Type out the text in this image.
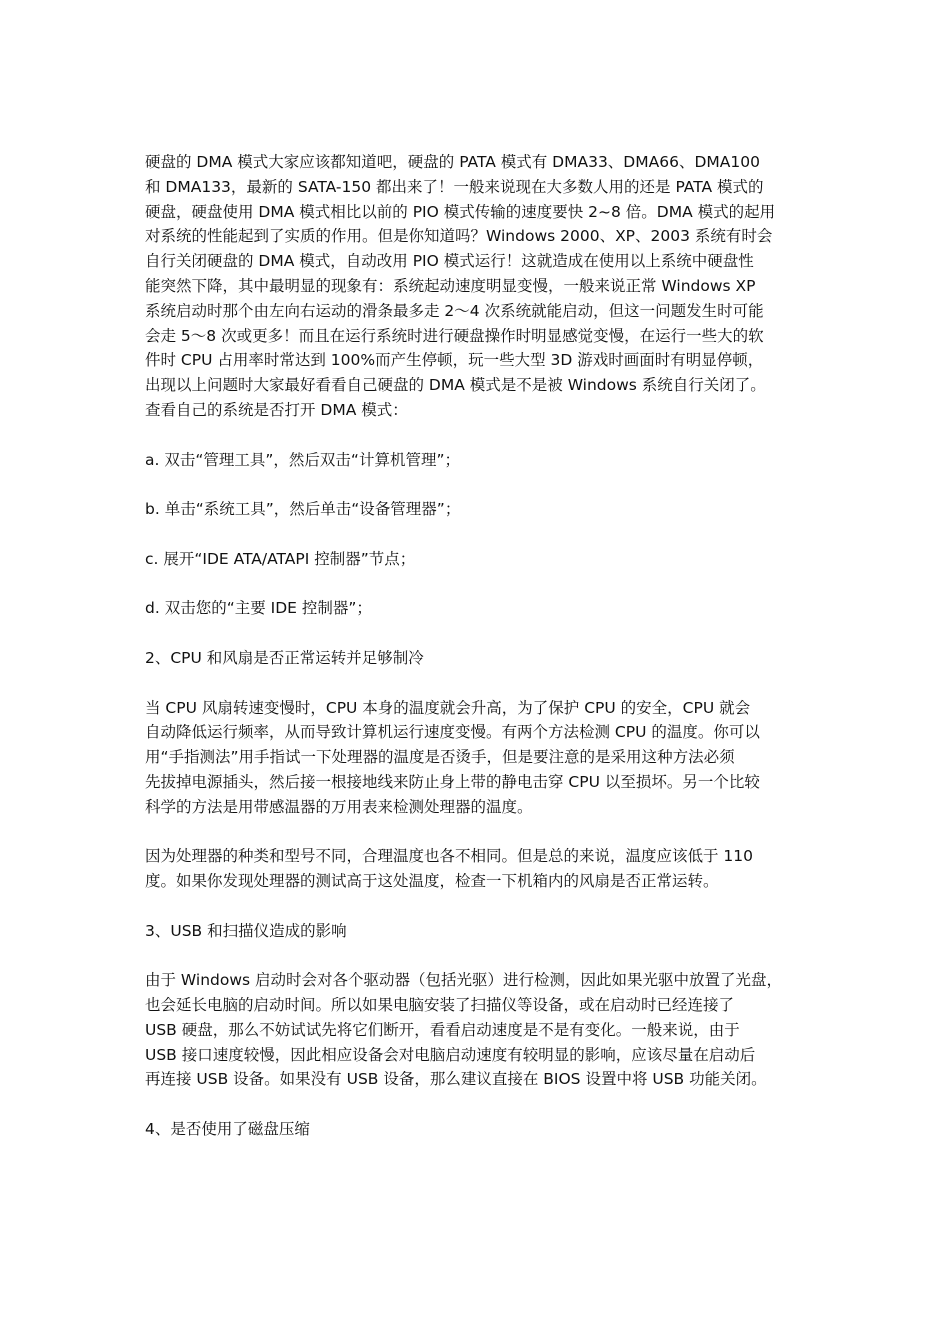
硬盘的 DMA 模式大家应该都知道吧，硬盘的 PATA 模式有 DMA33、DMA66、DMA100
和 DMA133，最新的 SATA-150 都出来了！一般来说现在大多数人用的还是 PATA 模式的
硬盘，硬盘使用 DMA 模式相比以前的 PIO 模式传输的速度要快 2~8 倍。DMA 模式的起用
对系统的性能起到了实质的作用。但是你知道吗？Windows 2000、XP、2003 系统有时会
自行关闭硬盘的 DMA 模式，自动改用 PIO 模式运行！这就造成在使用以上系统中硬盘性
能突然下降，其中最明显的现象有：系统起动速度明显变慢，一般来说正常 Windows XP
系统启动时那个由左向右运动的滑条最多走 2～4 次系统就能启动，但这一问题发生时可能
会走 5～8 次或更多！而且在运行系统时进行硬盘操作时明显感觉变慢，在运行一些大的软
件时 CPU 占用率时常达到 100%而产生停顿，玩一些大型 3D 游戏时画面时有明显停顿，
出现以上问题时大家最好看看自己硬盘的 DMA 模式是不是被 Windows 系统自行关闭了。
查看自己的系统是否打开 DMA 模式：
a. 双击“管理工具”，然后双击“计算机管理”；
b. 单击“系统工具”，然后单击“设备管理器”；
c. 展开“IDE ATA/ATAPI 控制器”节点；
d. 双击您的“主要 IDE 控制器”；
2、CPU 和风扇是否正常运转并足够制冷
当 CPU 风扇转速变慢时，CPU 本身的温度就会升高，为了保护 CPU 的安全，CPU 就会
自动降低运行频率，从而导致计算机运行速度变慢。有两个方法检测 CPU 的温度。你可以
用“手指测法”用手指试一下处理器的温度是否烫手，但是要注意的是采用这种方法必须
先拔掉电源插头，然后接一根接地线来防止身上带的静电击穿 CPU 以至损坏。另一个比较
科学的方法是用带感温器的万用表来检测处理器的温度。
因为处理器的种类和型号不同，合理温度也各不相同。但是总的来说，温度应该低于 110
度。如果你发现处理器的测试高于这处温度，检查一下机箱内的风扇是否正常运转。
3、USB 和扫描仪造成的影响
由于 Windows 启动时会对各个驱动器（包括光驱）进行检测，因此如果光驱中放置了光盘，
也会延长电脑的启动时间。所以如果电脑安装了扫描仪等设备，或在启动时已经连接了
USB 硬盘，那么不妨试试先将它们断开，看看启动速度是不是有变化。一般来说，由于
USB 接口速度较慢，因此相应设备会对电脑启动速度有较明显的影响，应该尽量在启动后
再连接 USB 设备。如果没有 USB 设备，那么建议直接在 BIOS 设置中将 USB 功能关闭。
4、是否使用了磁盘压缩
